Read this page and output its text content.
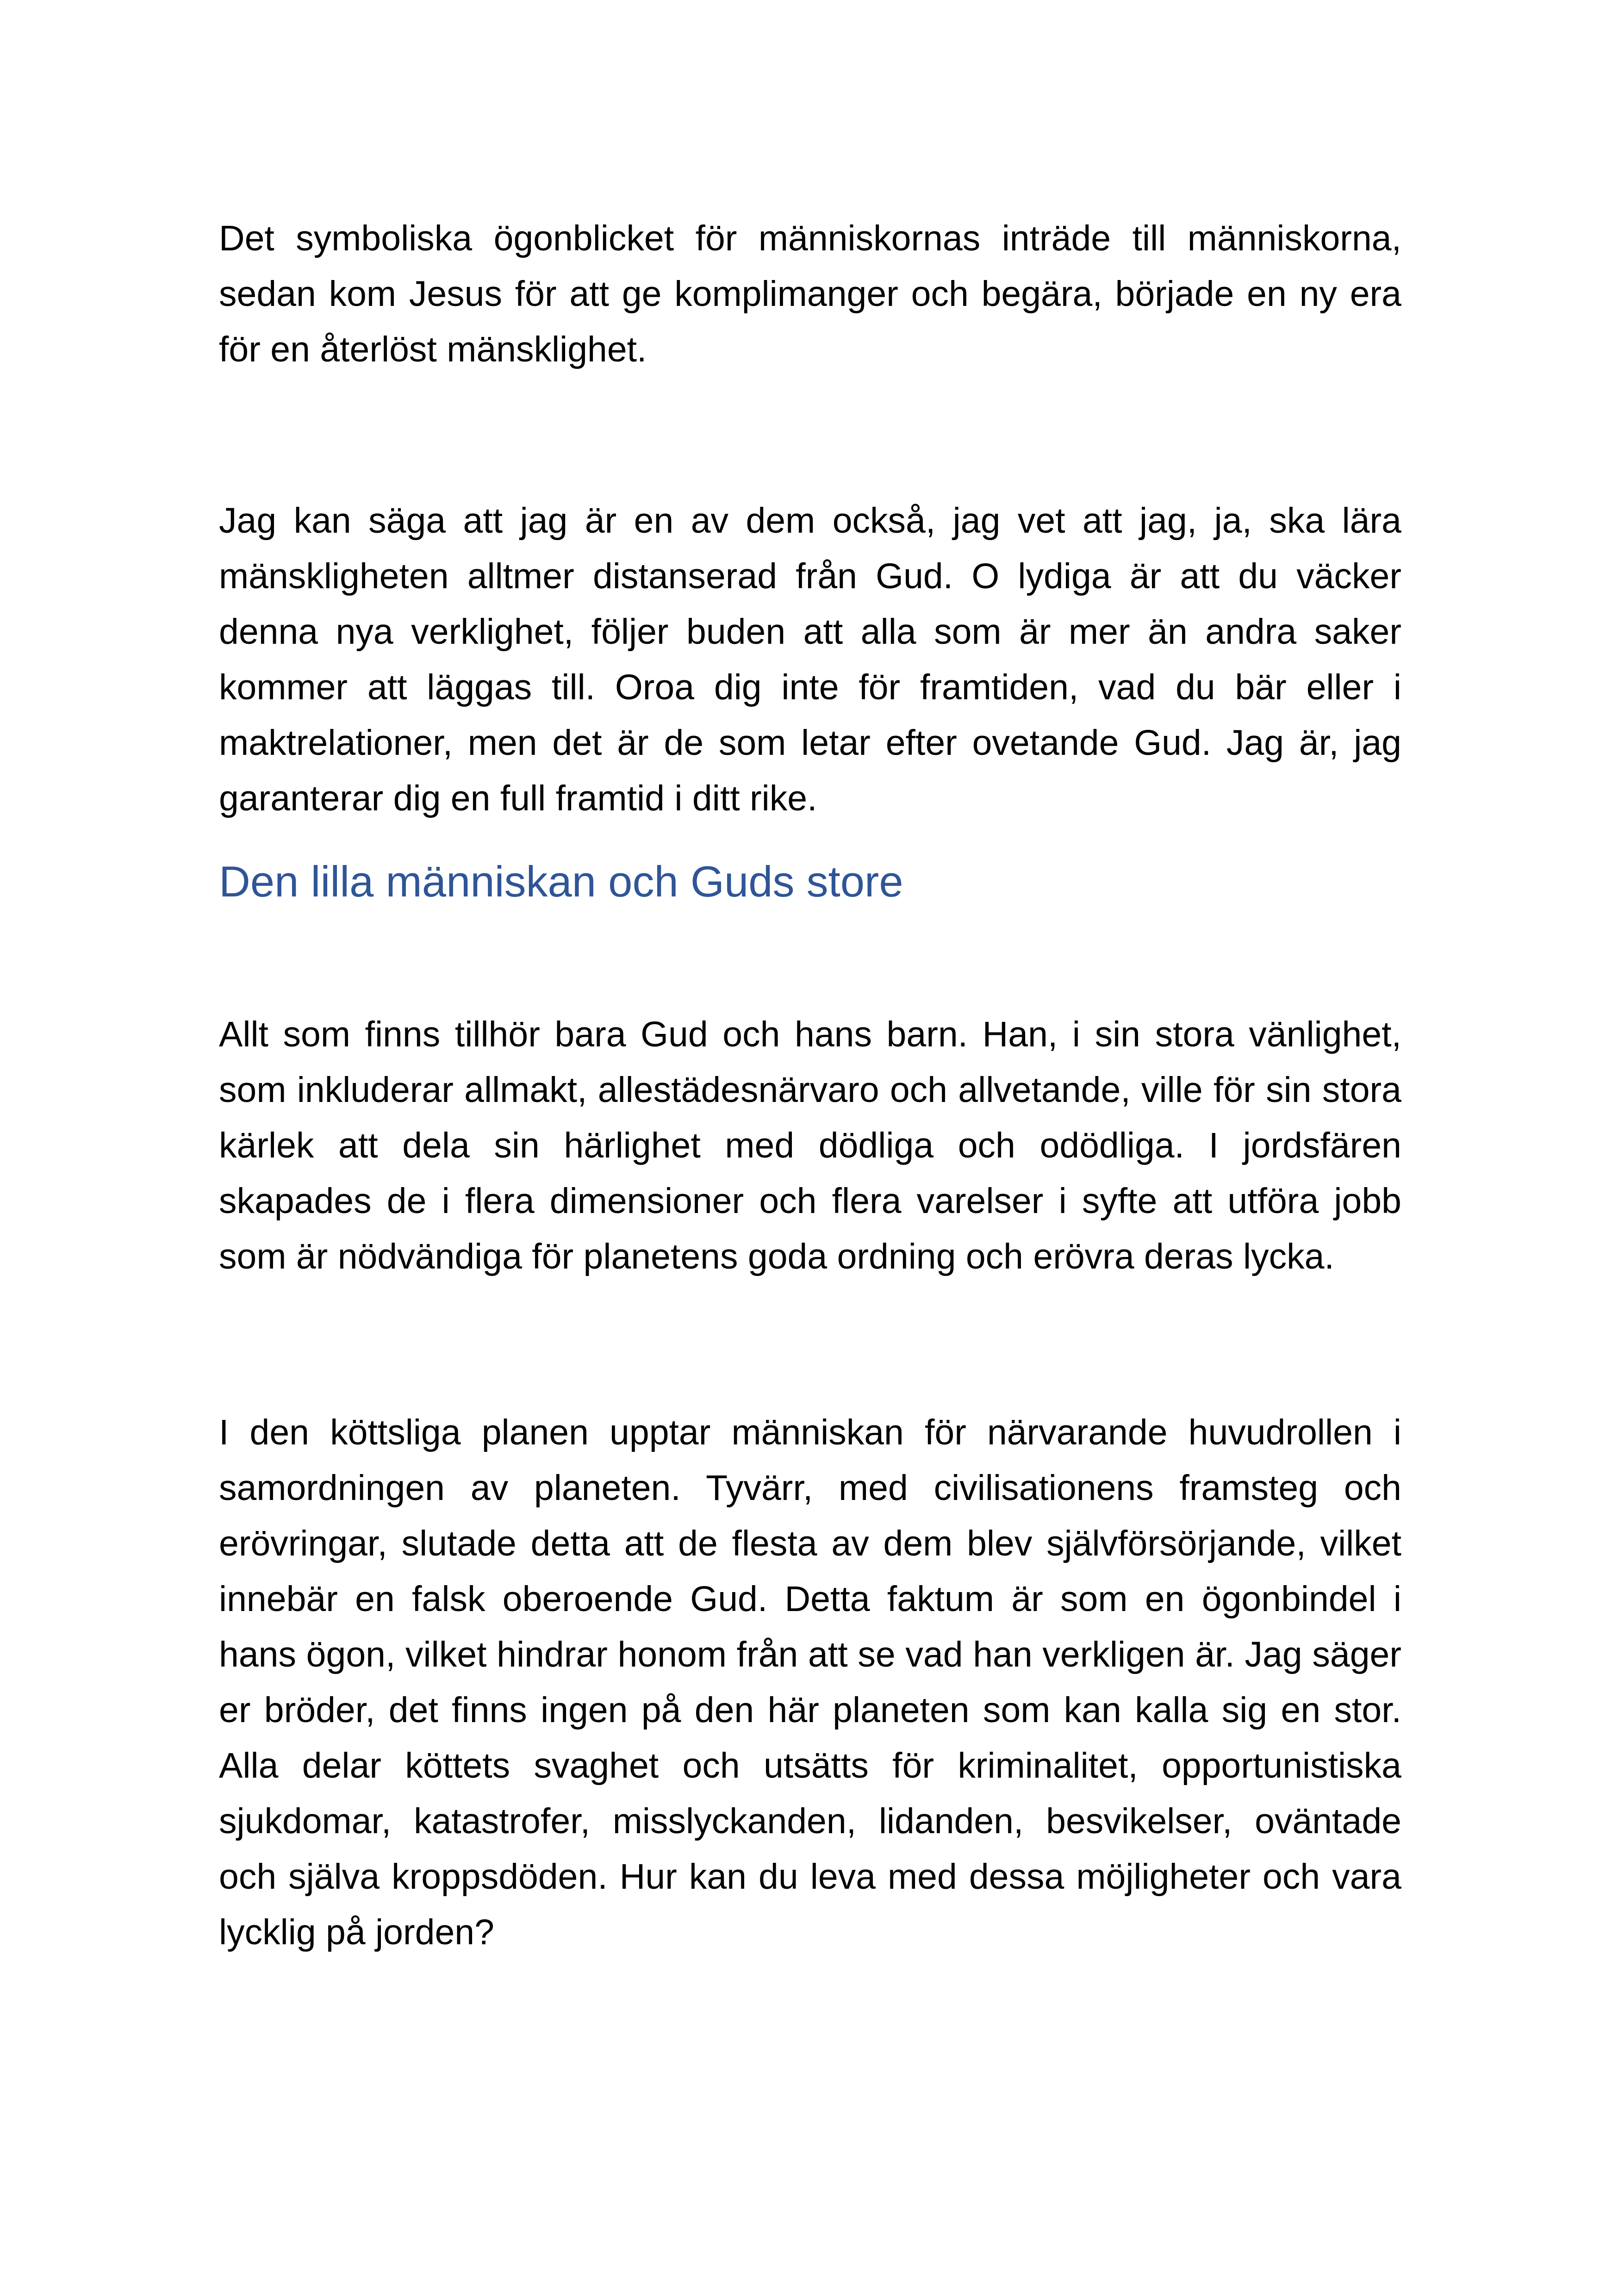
Det symboliska ögonblicket för människornas inträde till människorna, sedan kom Jesus för att ge komplimanger och begära, började en ny era för en återlöst mänsklighet.

Jag kan säga att jag är en av dem också, jag vet att jag, ja, ska lära mänskligheten alltmer distanserad från Gud. O lydiga är att du väcker denna nya verklighet, följer buden att alla som är mer än andra saker kommer att läggas till. Oroa dig inte för framtiden, vad du bär eller i maktrelationer, men det är de som letar efter ovetande Gud. Jag är, jag garanterar dig en full framtid i ditt rike.

Den lilla människan och Guds store

Allt som finns tillhör bara Gud och hans barn. Han, i sin stora vänlighet, som inkluderar allmakt, allestädesnärvaro och allvetande, ville för sin stora kärlek att dela sin härlighet med dödliga och odödliga. I jordsfären skapades de i flera dimensioner och flera varelser i syfte att utföra jobb som är nödvändiga för planetens goda ordning och erövra deras lycka.

I den köttsliga planen upptar människan för närvarande huvudrollen i samordningen av planeten. Tyvärr, med civilisationens framsteg och erövringar, slutade detta att de flesta av dem blev självförsörjande, vilket innebär en falsk oberoende Gud. Detta faktum är som en ögonbindel i hans ögon, vilket hindrar honom från att se vad han verkligen är. Jag säger er bröder, det finns ingen på den här planeten som kan kalla sig en stor. Alla delar köttets svaghet och utsätts för kriminalitet, opportunistiska sjukdomar, katastrofer, misslyckanden, lidanden, besvikelser, oväntade och själva kroppsdöden. Hur kan du leva med dessa möjligheter och vara lycklig på jorden?
